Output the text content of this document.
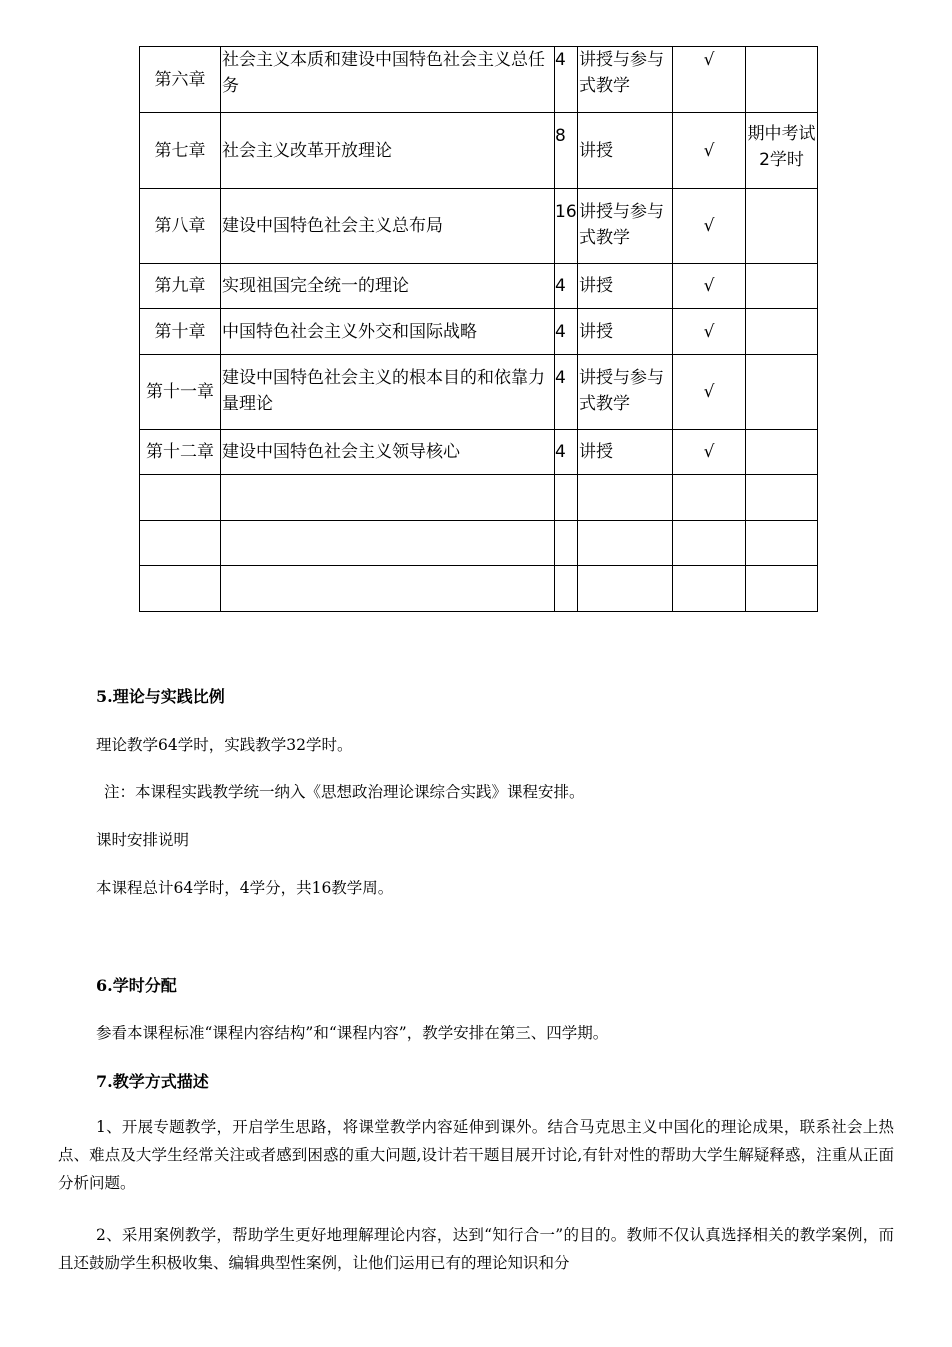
第六章	社会主义本质和建设中国特色社会主义总任务	4	讲授与参与式教学	√	
第七章	社会主义改革开放理论	8	讲授	√	期中考试2学时
第八章	建设中国特色社会主义总布局	16	讲授与参与式教学	√	
第九章	实现祖国完全统一的理论	4	讲授	√	
第十章	中国特色社会主义外交和国际战略	4	讲授	√	
第十一章	建设中国特色社会主义的根本目的和依靠力量理论	4	讲授与参与式教学	√	
第十二章	建设中国特色社会主义领导核心	4	讲授	√	

5.理论与实践比例
理论教学64学时，实践教学32学时。
注：本课程实践教学统一纳入《思想政治理论课综合实践》课程安排。
课时安排说明
本课程总计64学时，4学分，共16教学周。
6.学时分配
参看本课程标准“课程内容结构”和“课程内容”，教学安排在第三、四学期。
7.教学方式描述
1、开展专题教学，开启学生思路，将课堂教学内容延伸到课外。结合马克思主义中国化的理论成果，联系社会上热点、难点及大学生经常关注或者感到困惑的重大问题,设计若干题目展开讨论,有针对性的帮助大学生解疑释惑，注重从正面分析问题。
2、采用案例教学，帮助学生更好地理解理论内容，达到“知行合一”的目的。教师不仅认真选择相关的教学案例，而且还鼓励学生积极收集、编辑典型性案例，让他们运用已有的理论知识和分
